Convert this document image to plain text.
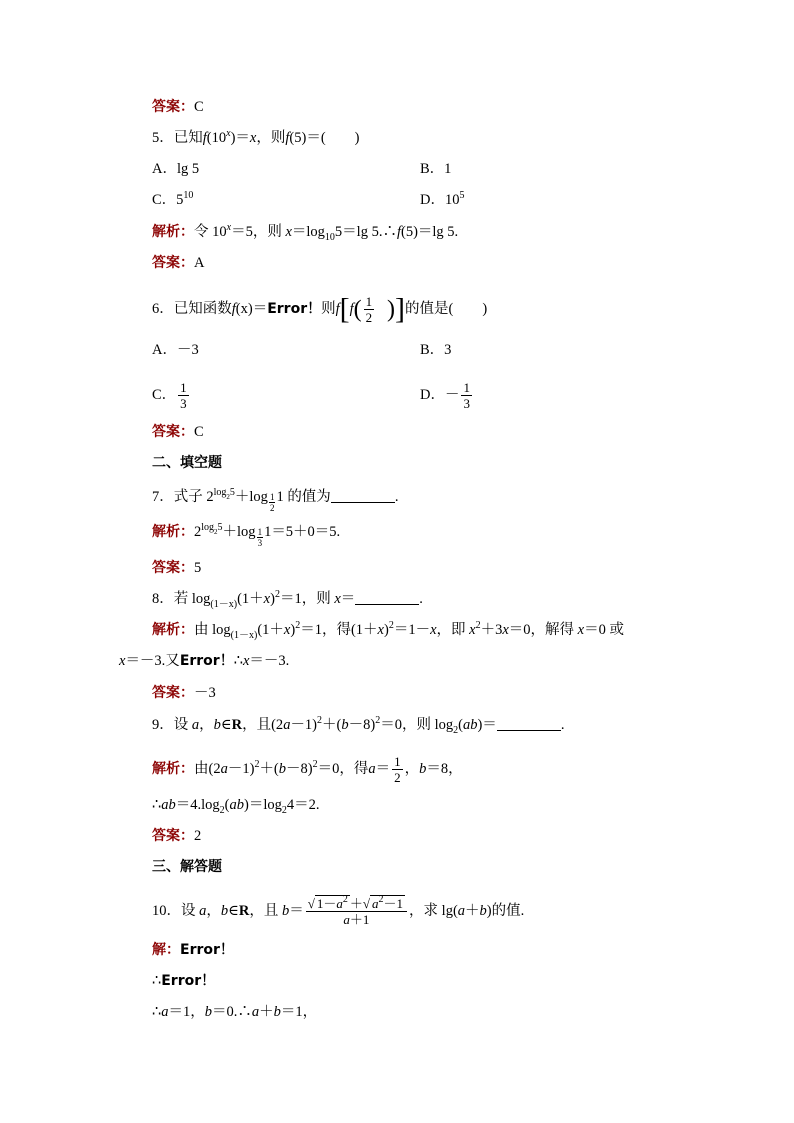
答案：C
5．已知$f(10^x)=x$，则f(5)＝(　　)
A．lg 5	B．1
C．$5^{10}$	D．$10^5$
解析：令 $10^x=5$，则 $x=\log_{10}5=\lg$ 5.∴f(5)＝lg 5.
答案：A
6．已知函数f(x)＝Error！则$f[f( \frac{1}{2}$ )]的值是(　　)
A．－3	B．3
C． $\frac{1}{3}$	D．－ $\frac{1}{3}$
答案：C
二、填空题
7．式子 $2^{log_25}+\log$ $_{\frac{1}{2}}$ 1 的值为	.
解析：$2^{log_25}+\log$ $_{\frac{1}{3}}$ 1＝5＋0＝5.
答案：5
8．若 $\log_{(1-x)}(1+x)^2=1$，则 x＝	.
解析：由 $\log_{(1-x)}(1+x)^2=1$，得$(1+x)^2=1-x$，即 $x^2+3x=0$，解得 x＝0 或
x＝－3.又Error！∴x＝－3.
答案：－3
9．设 a，b∈R，且$(2a-1)^2+(b-8)^2=0$，则 $\log_2(ab)=$	.
解析：由$(2a-1)^2+(b-8)^2=0$，得$a= \frac{1}{2}$ ，b＝8，
$\therefore ab=4.\log_2(ab)=\log_24=2$.
答案：2
三、解答题
10．设 a，b∈R，且 $b= \frac{√ 1-a^2 +√ a^2-1}{a+1}$ ，求 lg(a＋b)的值.
解：Error！
∴Error！
∴a＝1，b＝0.∴a＋b＝1，
